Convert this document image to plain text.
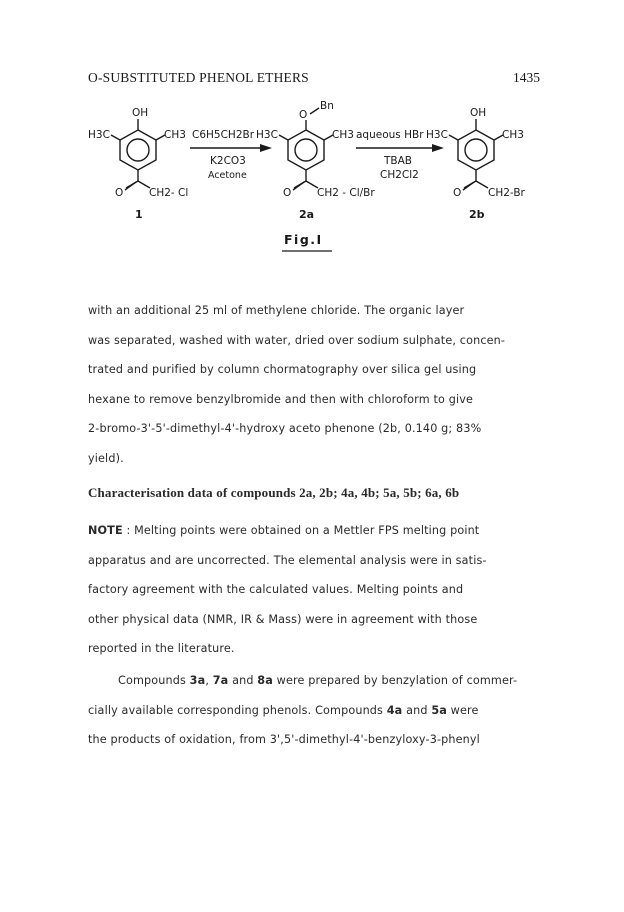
O-SUBSTITUTED PHENOL ETHERS	1435
OH
H3C	CH3
O CH2- Cl
1
C6H5CH2Br
K2CO3
Acetone
O
Bn
H3C	CH3
O CH2 - Cl/Br
2a
aqueous HBr
TBAB
CH2Cl2
OH
H3C	CH3
O	CH2-Br
2b
Fig.I
with an additional 25 ml of methylene chloride. The organic layer
was separated, washed with water, dried over sodium sulphate, concen-
trated and purified by column chormatography over silica gel using
hexane to remove benzylbromide and then with chloroform to give
2-bromo-3'-5'-dimethyl-4'-hydroxy aceto phenone (2b, 0.140 g; 83%
yield).
Characterisation data of compounds 2a, 2b; 4a, 4b; 5a, 5b; 6a, 6b
NOTE : Melting points were obtained on a Mettler FPS melting point
apparatus and are uncorrected. The elemental analysis were in satis-
factory agreement with the calculated values. Melting points and
other physical data (NMR, IR & Mass) were in agreement with those
reported in the literature.
Compounds 3a, 7a and 8a were prepared by benzylation of commer-
cially available corresponding phenols. Compounds 4a and 5a were
the products of oxidation, from 3',5'-dimethyl-4'-benzyloxy-3-phenyl
